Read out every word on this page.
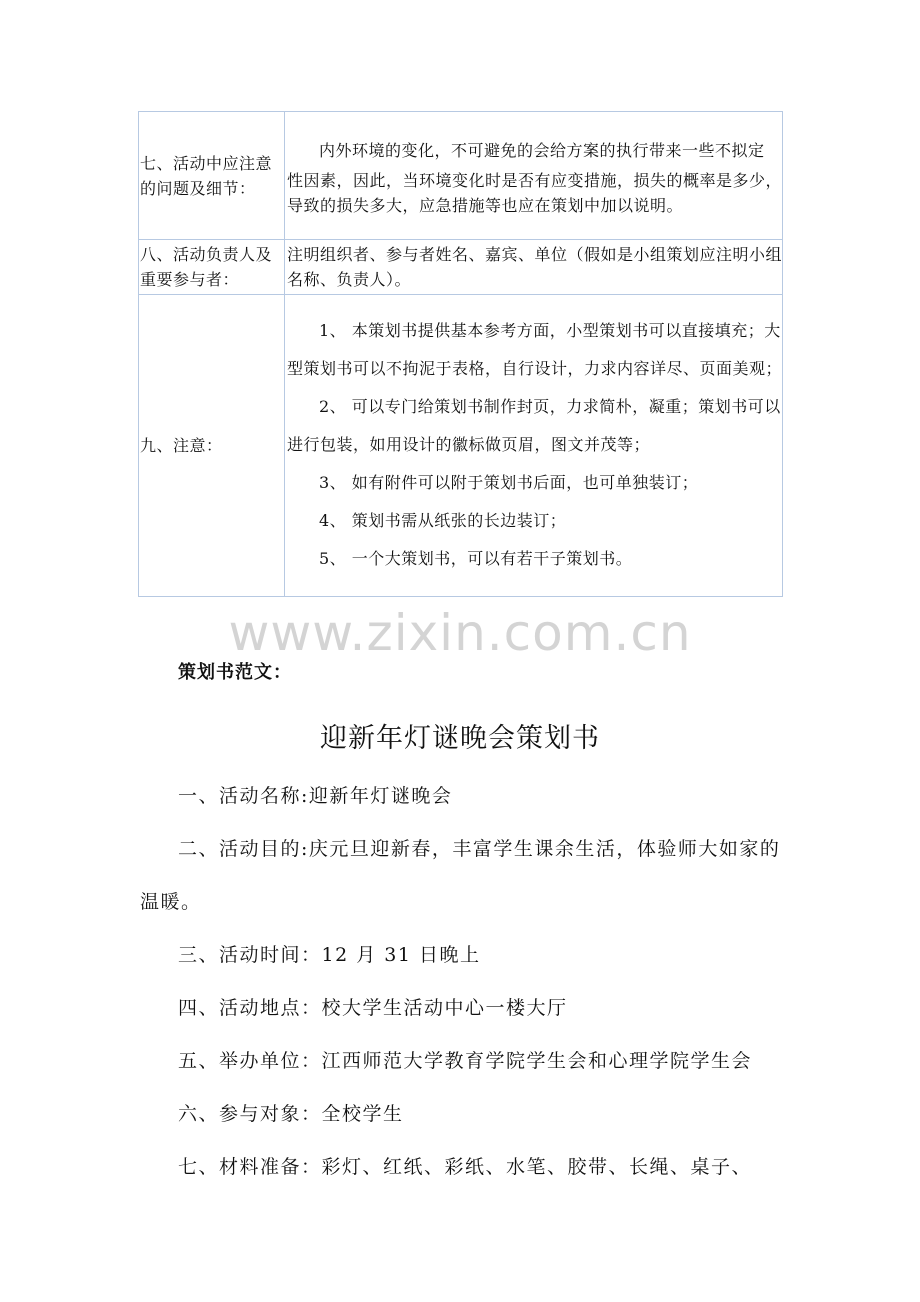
七、活动中应注意的问题及细节：	内外环境的变化，不可避免的会给方案的执行带来一些不拟定
性因素，因此，当环境变化时是否有应变措施，损失的概率是多少，导致的损失多大，应急措施等也应在策划中加以说明。

八、活动负责人及重要参与者：	注明组织者、参与者姓名、嘉宾、单位（假如是小组策划应注明小组名称、负责人）。

九、注意：	1、 本策划书提供基本参考方面，小型策划书可以直接填充；大型策划书可以不拘泥于表格，自行设计，力求内容详尽、页面美观；
2、 可以专门给策划书制作封页，力求简朴，凝重；策划书可以进行包装，如用设计的徽标做页眉，图文并茂等；
3、 如有附件可以附于策划书后面，也可单独装订；
4、 策划书需从纸张的长边装订；
5、 一个大策划书，可以有若干子策划书。
www.zixin.com.cn
策划书范文：
迎新年灯谜晚会策划书

一、活动名称:迎新年灯谜晚会

二、活动目的:庆元旦迎新春，丰富学生课余生活，体验师大如家的温暖。

三、活动时间：12 月 31 日晚上

四、活动地点：校大学生活动中心一楼大厅

五、举办单位：江西师范大学教育学院学生会和心理学院学生会

六、参与对象：全校学生

七、材料准备：彩灯、红纸、彩纸、水笔、胶带、长绳、桌子、
